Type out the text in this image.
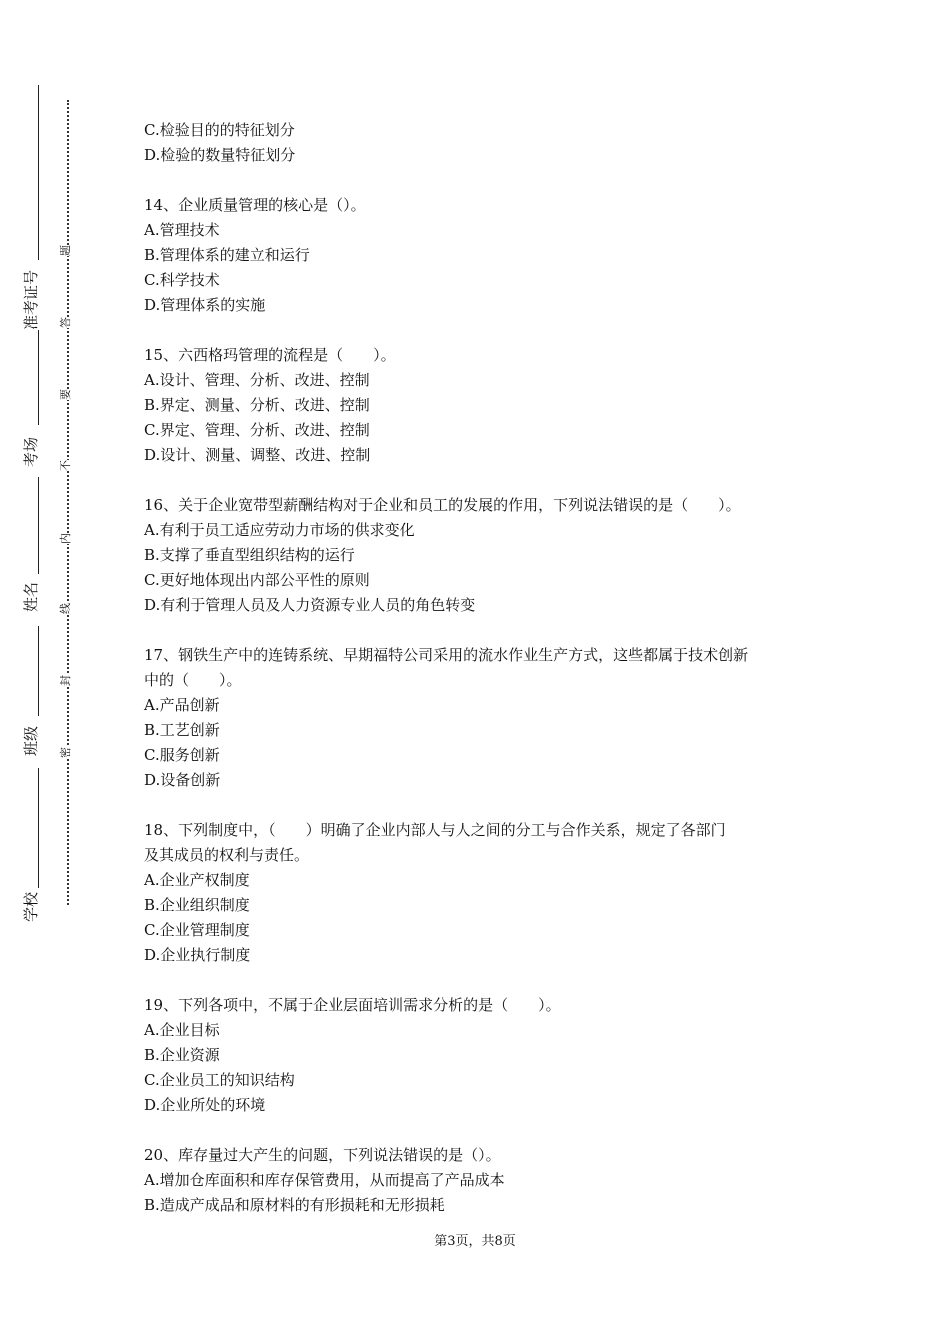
准考证号
考场
姓名
班级
学校
密
封
线
内
不
要
答
题
C.检验目的的特征划分
D.检验的数量特征划分
14、企业质量管理的核心是（）。
A.管理技术
B.管理体系的建立和运行
C.科学技术
D.管理体系的实施
15、六西格玛管理的流程是（　　）。
A.设计、管理、分析、改进、控制
B.界定、测量、分析、改进、控制
C.界定、管理、分析、改进、控制
D.设计、测量、调整、改进、控制
16、关于企业宽带型薪酬结构对于企业和员工的发展的作用，下列说法错误的是（　　）。
A.有利于员工适应劳动力市场的供求变化
B.支撑了垂直型组织结构的运行
C.更好地体现出内部公平性的原则
D.有利于管理人员及人力资源专业人员的角色转变
17、钢铁生产中的连铸系统、早期福特公司采用的流水作业生产方式，这些都属于技术创新
中的（　　）。
A.产品创新
B.工艺创新
C.服务创新
D.设备创新
18、下列制度中，（　　）明确了企业内部人与人之间的分工与合作关系，规定了各部门
及其成员的权利与责任。
A.企业产权制度
B.企业组织制度
C.企业管理制度
D.企业执行制度
19、下列各项中，不属于企业层面培训需求分析的是（　　）。
A.企业目标
B.企业资源
C.企业员工的知识结构
D.企业所处的环境
20、库存量过大产生的问题，下列说法错误的是（）。
A.增加仓库面积和库存保管费用，从而提高了产品成本
B.造成产成品和原材料的有形损耗和无形损耗
第3页，共8页
